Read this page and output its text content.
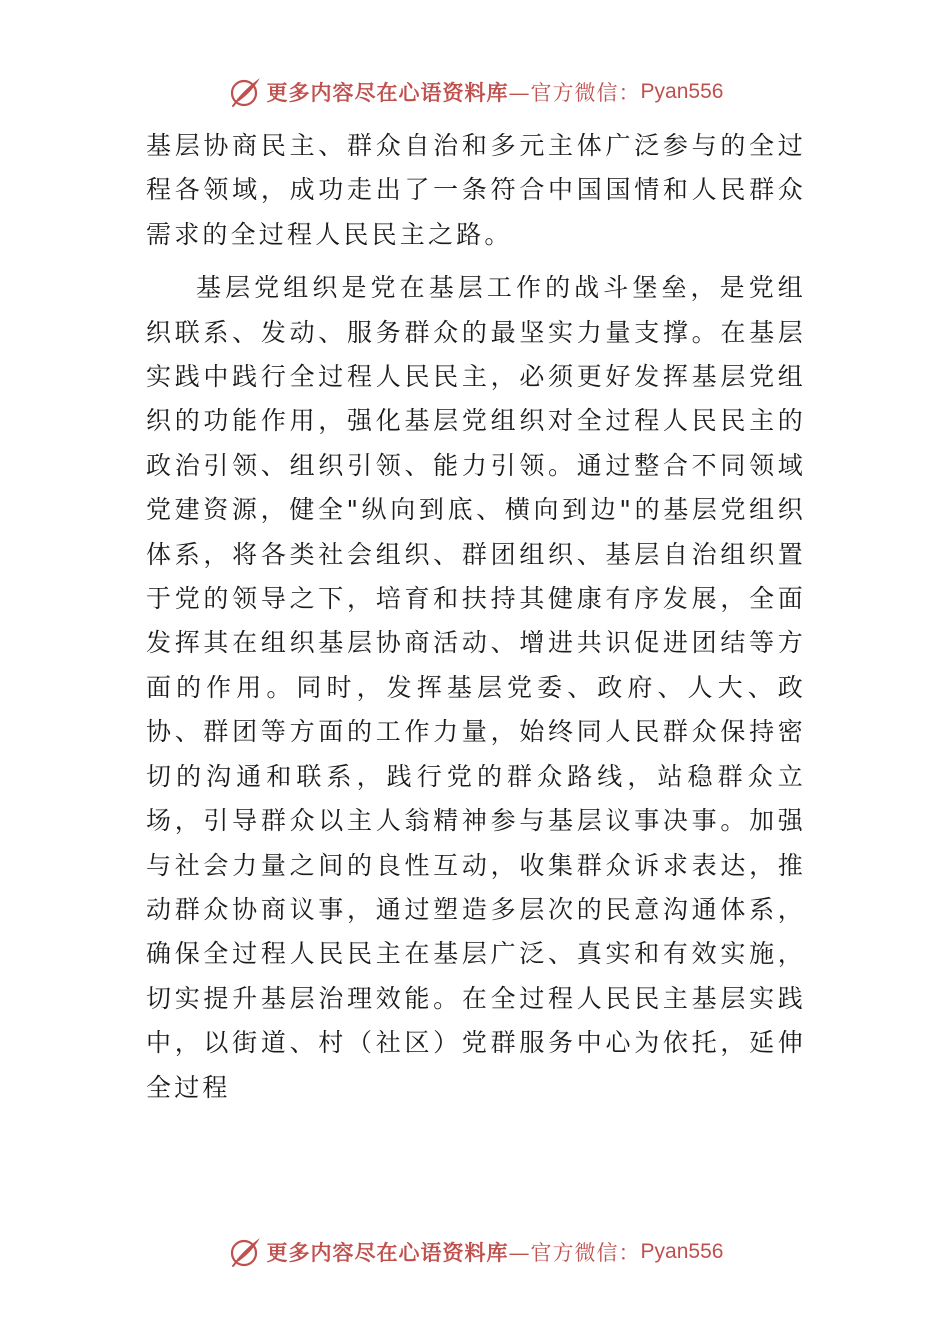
更多内容尽在心语资料库 —官方微信： Pyan556

基层协商民主、群众自治和多元主体广泛参与的全过程各领域，成功走出了一条符合中国国情和人民群众需求的全过程人民民主之路。

基层党组织是党在基层工作的战斗堡垒，是党组织联系、发动、服务群众的最坚实力量支撑。在基层实践中践行全过程人民民主，必须更好发挥基层党组织的功能作用，强化基层党组织对全过程人民民主的政治引领、组织引领、能力引领。通过整合不同领域党建资源，健全"纵向到底、横向到边"的基层党组织体系，将各类社会组织、群团组织、基层自治组织置于党的领导之下，培育和扶持其健康有序发展，全面发挥其在组织基层协商活动、增进共识促进团结等方面的作用。同时，发挥基层党委、政府、人大、政协、群团等方面的工作力量，始终同人民群众保持密切的沟通和联系，践行党的群众路线，站稳群众立场，引导群众以主人翁精神参与基层议事决事。加强与社会力量之间的良性互动，收集群众诉求表达，推动群众协商议事，通过塑造多层次的民意沟通体系，确保全过程人民民主在基层广泛、真实和有效实施，切实提升基层治理效能。在全过程人民民主基层实践中，以街道、村（社区）党群服务中心为依托，延伸全过程

更多内容尽在心语资料库 —官方微信： Pyan556
